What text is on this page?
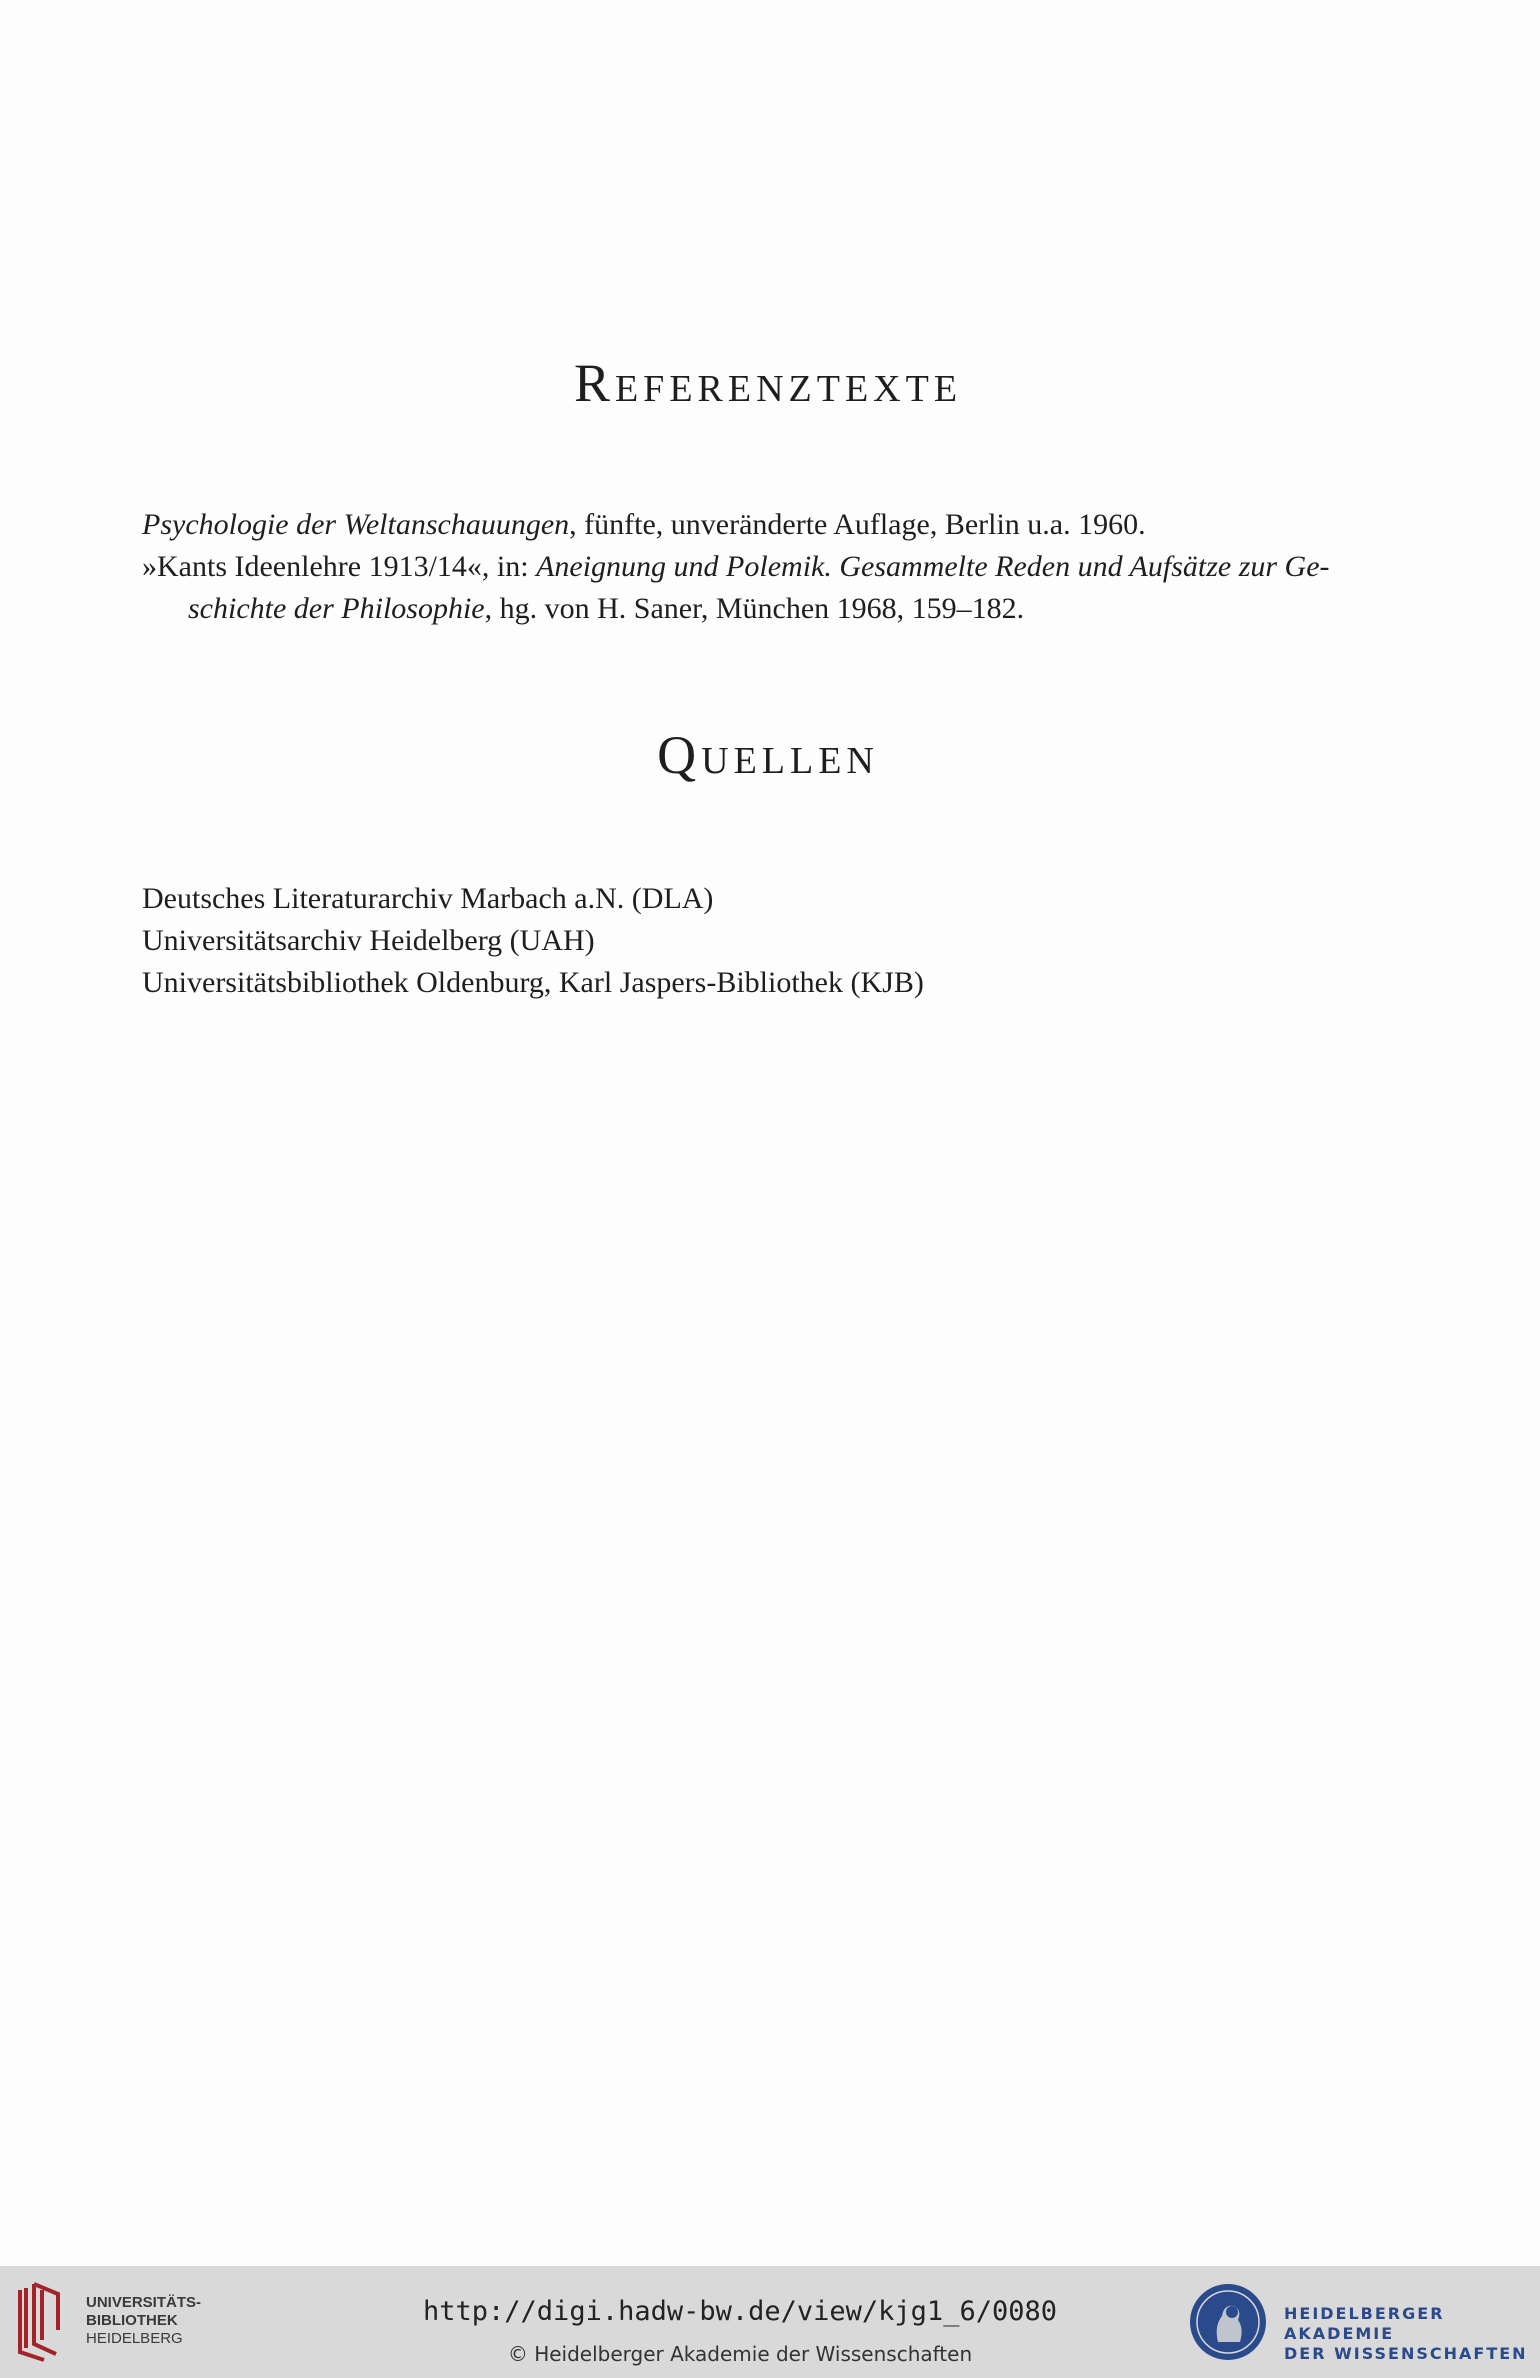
Referenztexte

Psychologie der Weltanschauungen, fünfte, unveränderte Auflage, Berlin u.a. 1960.

»Kants Ideenlehre 1913/14«, in: Aneignung und Polemik. Gesammelte Reden und Aufsätze zur Ge-schichte der Philosophie, hg. von H. Saner, München 1968, 159–182.

Quellen

Deutsches Literaturarchiv Marbach a.N. (DLA)

Universitätsarchiv Heidelberg (UAH)

Universitätsbibliothek Oldenburg, Karl Jaspers-Bibliothek (KJB)

UNIVERSITÄTS-
BIBLIOTHEK
HEIDELBERG
http://digi.hadw-bw.de/view/kjg1_6/0080
© Heidelberger Akademie der Wissenschaften
HEIDELBERGER AKADEMIE
DER WISSENSCHAFTEN
